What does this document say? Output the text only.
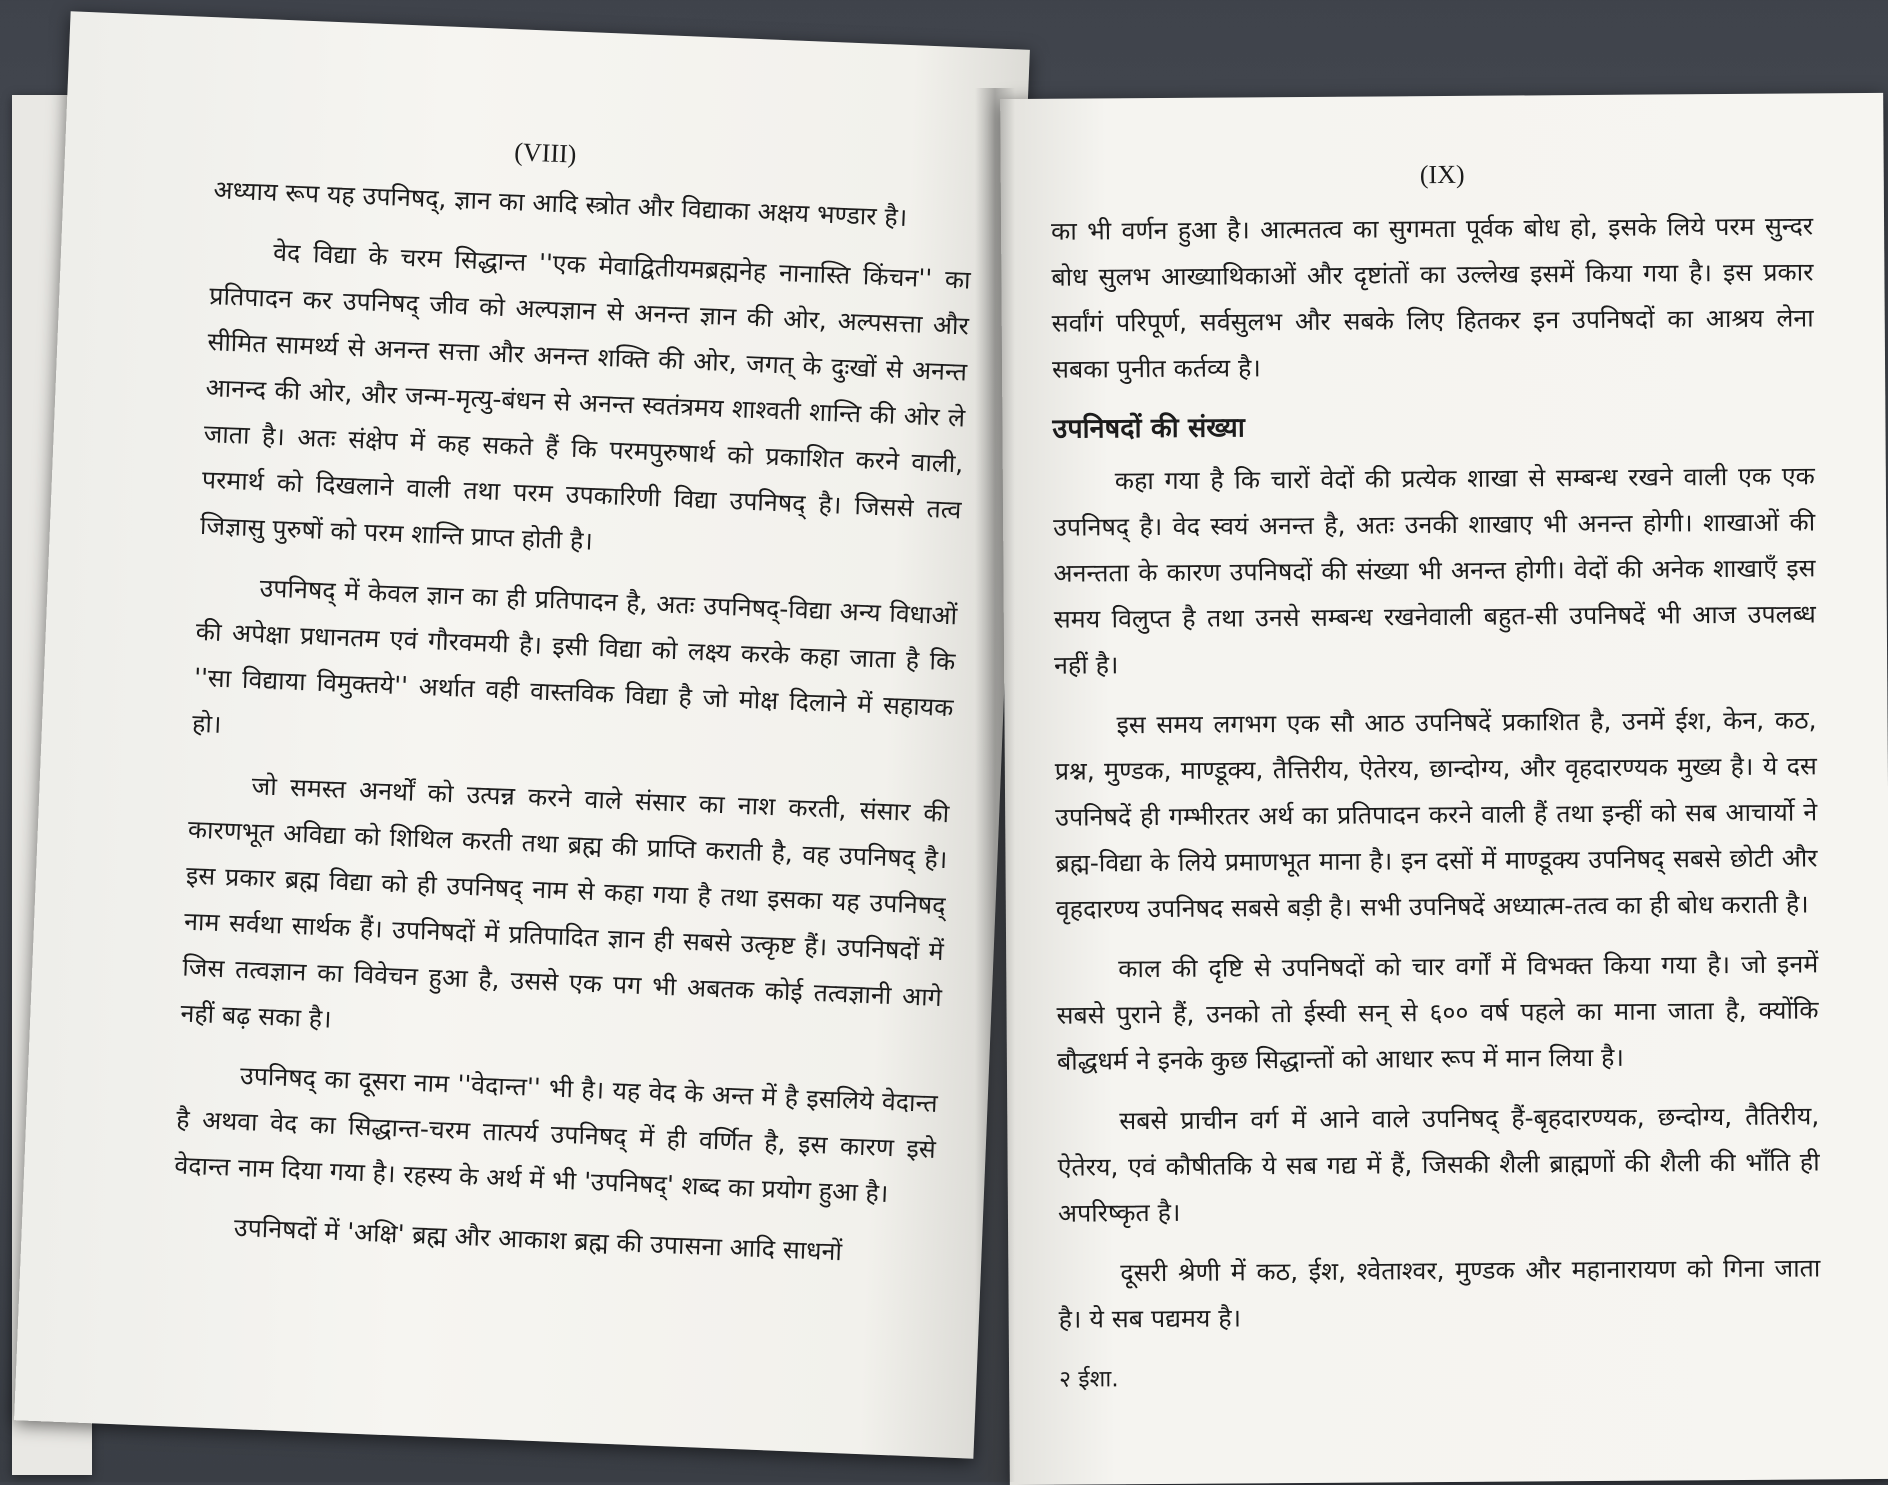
(VIII)

अध्याय रूप यह उपनिषद्, ज्ञान का आदि स्त्रोत और विद्याका अक्षय भण्डार है।

वेद विद्या के चरम सिद्धान्त ''एक मेवाद्वितीयमब्रह्मनेह नानास्ति किंचन'' का प्रतिपादन कर उपनिषद् जीव को अल्पज्ञान से अनन्त ज्ञान की ओर, अल्पसत्ता और सीमित सामर्थ्य से अनन्त सत्ता और अनन्त शक्ति की ओर, जगत् के दुःखों से अनन्त आनन्द की ओर, और जन्म-मृत्यु-बंधन से अनन्त स्वतंत्रमय शाश्वती शान्ति की ओर ले जाता है। अतः संक्षेप में कह सकते हैं कि परमपुरुषार्थ को प्रकाशित करने वाली, परमार्थ को दिखलाने वाली तथा परम उपकारिणी विद्या उपनिषद् है। जिससे तत्व जिज्ञासु पुरुषों को परम शान्ति प्राप्त होती है।

उपनिषद् में केवल ज्ञान का ही प्रतिपादन है, अतः उपनिषद्-विद्या अन्य विधाओं की अपेक्षा प्रधानतम एवं गौरवमयी है। इसी विद्या को लक्ष्य करके कहा जाता है कि ''सा विद्याया विमुक्तये'' अर्थात वही वास्तविक विद्या है जो मोक्ष दिलाने में सहायक हो।

जो समस्त अनर्थों को उत्पन्न करने वाले संसार का नाश करती, संसार की कारणभूत अविद्या को शिथिल करती तथा ब्रह्म की प्राप्ति कराती है, वह उपनिषद् है। इस प्रकार ब्रह्म विद्या को ही उपनिषद् नाम से कहा गया है तथा इसका यह उपनिषद् नाम सर्वथा सार्थक हैं। उपनिषदों में प्रतिपादित ज्ञान ही सबसे उत्कृष्ट हैं। उपनिषदों में जिस तत्वज्ञान का विवेचन हुआ है, उससे एक पग भी अबतक कोई तत्वज्ञानी आगे नहीं बढ़ सका है।

उपनिषद् का दूसरा नाम ''वेदान्त'' भी है। यह वेद के अन्त में है इसलिये वेदान्त है अथवा वेद का सिद्धान्त-चरम तात्पर्य उपनिषद् में ही वर्णित है, इस कारण इसे वेदान्त नाम दिया गया है। रहस्य के अर्थ में भी 'उपनिषद्' शब्द का प्रयोग हुआ है।

उपनिषदों में 'अक्षि' ब्रह्म और आकाश ब्रह्म की उपासना आदि साधनों

(IX)

का भी वर्णन हुआ है। आत्मतत्व का सुगमता पूर्वक बोध हो, इसके लिये परम सुन्दर बोध सुलभ आख्याथिकाओं और दृष्टांतों का उल्लेख इसमें किया गया है। इस प्रकार सर्वांगं परिपूर्ण, सर्वसुलभ और सबके लिए हितकर इन उपनिषदों का आश्रय लेना सबका पुनीत कर्तव्य है।

उपनिषदों की संख्या

कहा गया है कि चारों वेदों की प्रत्येक शाखा से सम्बन्ध रखने वाली एक एक उपनिषद् है। वेद स्वयं अनन्त है, अतः उनकी शाखाए भी अनन्त होगी। शाखाओं की अनन्तता के कारण उपनिषदों की संख्या भी अनन्त होगी। वेदों की अनेक शाखाएँ इस समय विलुप्त है तथा उनसे सम्बन्ध रखनेवाली बहुत-सी उपनिषदें भी आज उपलब्ध नहीं है।

इस समय लगभग एक सौ आठ उपनिषदें प्रकाशित है, उनमें ईश, केन, कठ, प्रश्न, मुण्डक, माण्डूक्य, तैत्तिरीय, ऐतेरय, छान्दोग्य, और वृहदारण्यक मुख्य है। ये दस उपनिषदें ही गम्भीरतर अर्थ का प्रतिपादन करने वाली हैं तथा इन्हीं को सब आचार्यो ने ब्रह्म-विद्या के लिये प्रमाणभूत माना है। इन दसों में माण्डूक्य उपनिषद् सबसे छोटी और वृहदारण्य उपनिषद सबसे बड़ी है। सभी उपनिषदें अध्यात्म-तत्व का ही बोध कराती है।

काल की दृष्टि से उपनिषदों को चार वर्गों में विभक्त किया गया है। जो इनमें सबसे पुराने हैं, उनको तो ईस्वी सन् से ६०० वर्ष पहले का माना जाता है, क्योंकि बौद्धधर्म ने इनके कुछ सिद्धान्तों को आधार रूप में मान लिया है।

सबसे प्राचीन वर्ग में आने वाले उपनिषद् हैं-बृहदारण्यक, छन्दोग्य, तैतिरीय, ऐतेरय, एवं कौषीतकि ये सब गद्य में हैं, जिसकी शैली ब्राह्मणों की शैली की भाँति ही अपरिष्कृत है।

दूसरी श्रेणी में कठ, ईश, श्वेताश्वर, मुण्डक और महानारायण को गिना जाता है। ये सब पद्यमय है।

२ ईशा.
